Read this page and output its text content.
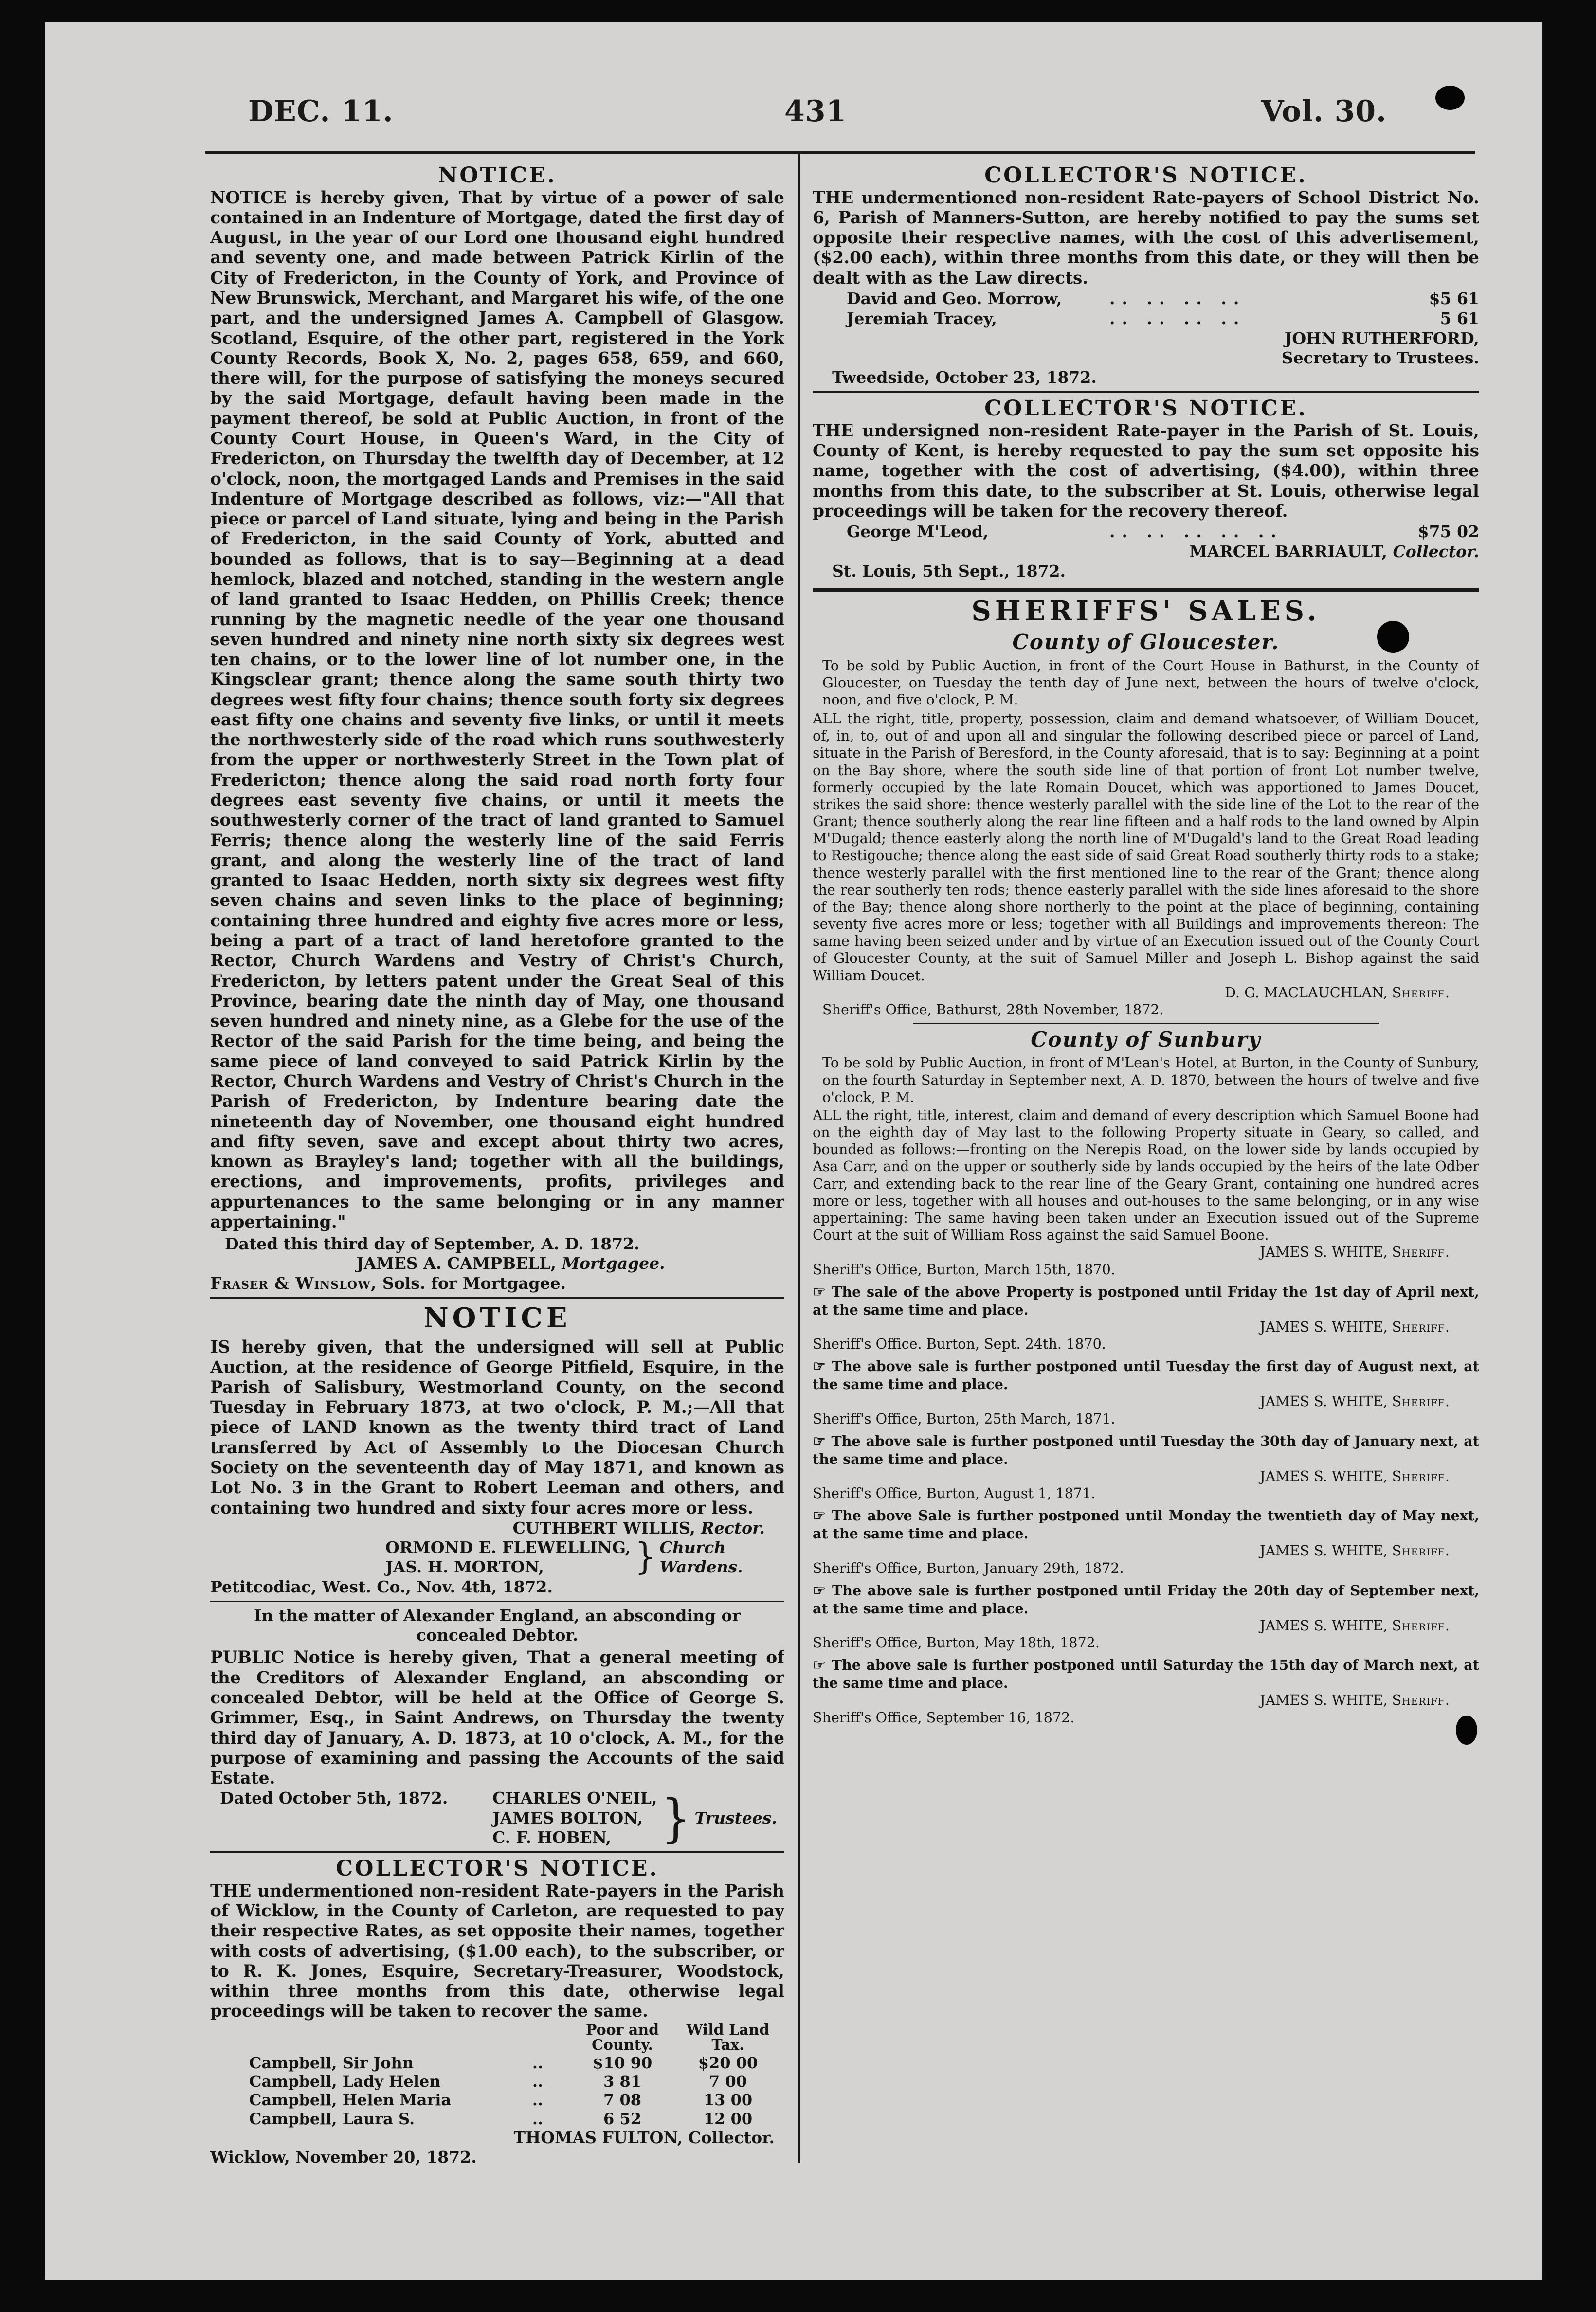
DEC. 11.	431	Vol. 30.

NOTICE.

NOTICE is hereby given, That by virtue of a power of sale contained in an Indenture of Mortgage, dated the first day of August, in the year of our Lord one thousand eight hundred and seventy one, and made between Patrick Kirlin of the City of Fredericton, in the County of York, and Province of New Brunswick, Merchant, and Margaret his wife, of the one part, and the undersigned James A. Campbell of Glasgow. Scotland, Esquire, of the other part, registered in the York County Records, Book X, No. 2, pages 658, 659, and 660, there will, for the purpose of satisfying the moneys secured by the said Mortgage, default having been made in the payment thereof, be sold at Public Auction, in front of the County Court House, in Queen's Ward, in the City of Fredericton, on Thursday the twelfth day of December, at 12 o'clock, noon, the mortgaged Lands and Premises in the said Indenture of Mortgage described as follows, viz:—"All that piece or parcel of Land situate, lying and being in the Parish of Fredericton, in the said County of York, abutted and bounded as follows, that is to say—Beginning at a dead hemlock, blazed and notched, standing in the western angle of land granted to Isaac Hedden, on Phillis Creek; thence running by the magnetic needle of the year one thousand seven hundred and ninety nine north sixty six degrees west ten chains, or to the lower line of lot number one, in the Kingsclear grant; thence along the same south thirty two degrees west fifty four chains; thence south forty six degrees east fifty one chains and seventy five links, or until it meets the northwesterly side of the road which runs southwesterly from the upper or northwesterly Street in the Town plat of Fredericton; thence along the said road north forty four degrees east seventy five chains, or until it meets the southwesterly corner of the tract of land granted to Samuel Ferris; thence along the westerly line of the said Ferris grant, and along the westerly line of the tract of land granted to Isaac Hedden, north sixty six degrees west fifty seven chains and seven links to the place of beginning; containing three hundred and eighty five acres more or less, being a part of a tract of land heretofore granted to the Rector, Church Wardens and Vestry of Christ's Church, Fredericton, by letters patent under the Great Seal of this Province, bearing date the ninth day of May, one thousand seven hundred and ninety nine, as a Glebe for the use of the Rector of the said Parish for the time being, and being the same piece of land conveyed to said Patrick Kirlin by the Rector, Church Wardens and Vestry of Christ's Church in the Parish of Fredericton, by Indenture bearing date the nineteenth day of November, one thousand eight hundred and fifty seven, save and except about thirty two acres, known as Brayley's land; together with all the buildings, erections, and improvements, profits, privileges and appurtenances to the same belonging or in any manner appertaining."

Dated this third day of September, A. D. 1872.

JAMES A. CAMPBELL, Mortgagee.

Fraser & Winslow, Sols. for Mortgagee.

NOTICE

IS hereby given, that the undersigned will sell at Public Auction, at the residence of George Pitfield, Esquire, in the Parish of Salisbury, Westmorland County, on the second Tuesday in February 1873, at two o'clock, P. M.;—All that piece of LAND known as the twenty third tract of Land transferred by Act of Assembly to the Diocesan Church Society on the seventeenth day of May 1871, and known as Lot No. 3 in the Grant to Robert Leeman and others, and containing two hundred and sixty four acres more or less.

CUTHBERT WILLIS, Rector.

ORMOND E. FLEWELLING,
JAS. H. MORTON,	} Church
Wardens.

Petitcodiac, West. Co., Nov. 4th, 1872.

In the matter of Alexander England, an absconding or concealed Debtor.

PUBLIC Notice is hereby given, That a general meeting of the Creditors of Alexander England, an absconding or concealed Debtor, will be held at the Office of George S. Grimmer, Esq., in Saint Andrews, on Thursday the twenty third day of January, A. D. 1873, at 10 o'clock, A. M., for the purpose of examining and passing the Accounts of the said Estate.

Dated October 5th, 1872.	CHARLES O'NEIL,
JAMES BOLTON,
C. F. HOBEN,	} Trustees.

COLLECTOR'S NOTICE.

THE undermentioned non-resident Rate-payers in the Parish of Wicklow, in the County of Carleton, are requested to pay their respective Rates, as set opposite their names, together with costs of advertising, ($1.00 each), to the subscriber, or to R. K. Jones, Esquire, Secretary-Treasurer, Woodstock, within three months from this date, otherwise legal proceedings will be taken to recover the same.

		Poor and County.	Wild Land Tax.
Campbell, Sir John	..	$10 90	$20 00
Campbell, Lady Helen	..	3 81	7 00
Campbell, Helen Maria	..	7 08	13 00
Campbell, Laura S.	..	6 52	12 00

THOMAS FULTON, Collector.

Wicklow, November 20, 1872.

COLLECTOR'S NOTICE.

THE undermentioned non-resident Rate-payers of School District No. 6, Parish of Manners-Sutton, are hereby notified to pay the sums set opposite their respective names, with the cost of this advertisement, ($2.00 each), within three months from this date, or they will then be dealt with as the Law directs.

David and Geo. Morrow,	.. .. .. ..	$5 61
Jeremiah Tracey,	.. .. .. ..	5 61

JOHN RUTHERFORD,

Secretary to Trustees.

Tweedside, October 23, 1872.

COLLECTOR'S NOTICE.

THE undersigned non-resident Rate-payer in the Parish of St. Louis, County of Kent, is hereby requested to pay the sum set opposite his name, together with the cost of advertising, ($4.00), within three months from this date, to the subscriber at St. Louis, otherwise legal proceedings will be taken for the recovery thereof.

George M'Leod,	.. .. .. .. ..	$75 02

MARCEL BARRIAULT, Collector.

St. Louis, 5th Sept., 1872.

SHERIFFS' SALES.

County of Gloucester.

To be sold by Public Auction, in front of the Court House in Bathurst, in the County of Gloucester, on Tuesday the tenth day of June next, between the hours of twelve o'clock, noon, and five o'clock, P. M.

ALL the right, title, property, possession, claim and demand whatsoever, of William Doucet, of, in, to, out of and upon all and singular the following described piece or parcel of Land, situate in the Parish of Beresford, in the County aforesaid, that is to say: Beginning at a point on the Bay shore, where the south side line of that portion of front Lot number twelve, formerly occupied by the late Romain Doucet, which was apportioned to James Doucet, strikes the said shore: thence westerly parallel with the side line of the Lot to the rear of the Grant; thence southerly along the rear line fifteen and a half rods to the land owned by Alpin M'Dugald; thence easterly along the north line of M'Dugald's land to the Great Road leading to Restigouche; thence along the east side of said Great Road southerly thirty rods to a stake; thence westerly parallel with the first mentioned line to the rear of the Grant; thence along the rear southerly ten rods; thence easterly parallel with the side lines aforesaid to the shore of the Bay; thence along shore northerly to the point at the place of beginning, containing seventy five acres more or less; together with all Buildings and improvements thereon: The same having been seized under and by virtue of an Execution issued out of the County Court of Gloucester County, at the suit of Samuel Miller and Joseph L. Bishop against the said William Doucet.

D. G. MACLAUCHLAN, Sheriff.

Sheriff's Office, Bathurst, 28th November, 1872.

County of Sunbury

To be sold by Public Auction, in front of M'Lean's Hotel, at Burton, in the County of Sunbury, on the fourth Saturday in September next, A. D. 1870, between the hours of twelve and five o'clock, P. M.

ALL the right, title, interest, claim and demand of every description which Samuel Boone had on the eighth day of May last to the following Property situate in Geary, so called, and bounded as follows:—fronting on the Nerepis Road, on the lower side by lands occupied by Asa Carr, and on the upper or southerly side by lands occupied by the heirs of the late Odber Carr, and extending back to the rear line of the Geary Grant, containing one hundred acres more or less, together with all houses and out-houses to the same belonging, or in any wise appertaining: The same having been taken under an Execution issued out of the Supreme Court at the suit of William Ross against the said Samuel Boone.

JAMES S. WHITE, Sheriff.

Sheriff's Office, Burton, March 15th, 1870.

☞ The sale of the above Property is postponed until Friday the 1st day of April next, at the same time and place.

JAMES S. WHITE, Sheriff.

Sheriff's Office. Burton, Sept. 24th. 1870.

☞ The above sale is further postponed until Tuesday the first day of August next, at the same time and place.

JAMES S. WHITE, Sheriff.

Sheriff's Office, Burton, 25th March, 1871.

☞ The above sale is further postponed until Tuesday the 30th day of January next, at the same time and place.

JAMES S. WHITE, Sheriff.

Sheriff's Office, Burton, August 1, 1871.

☞ The above Sale is further postponed until Monday the twentieth day of May next, at the same time and place.

JAMES S. WHITE, Sheriff.

Sheriff's Office, Burton, January 29th, 1872.

☞ The above sale is further postponed until Friday the 20th day of September next, at the same time and place.

JAMES S. WHITE, Sheriff.

Sheriff's Office, Burton, May 18th, 1872.

☞ The above sale is further postponed until Saturday the 15th day of March next, at the same time and place.

JAMES S. WHITE, Sheriff.

Sheriff's Office, September 16, 1872.
